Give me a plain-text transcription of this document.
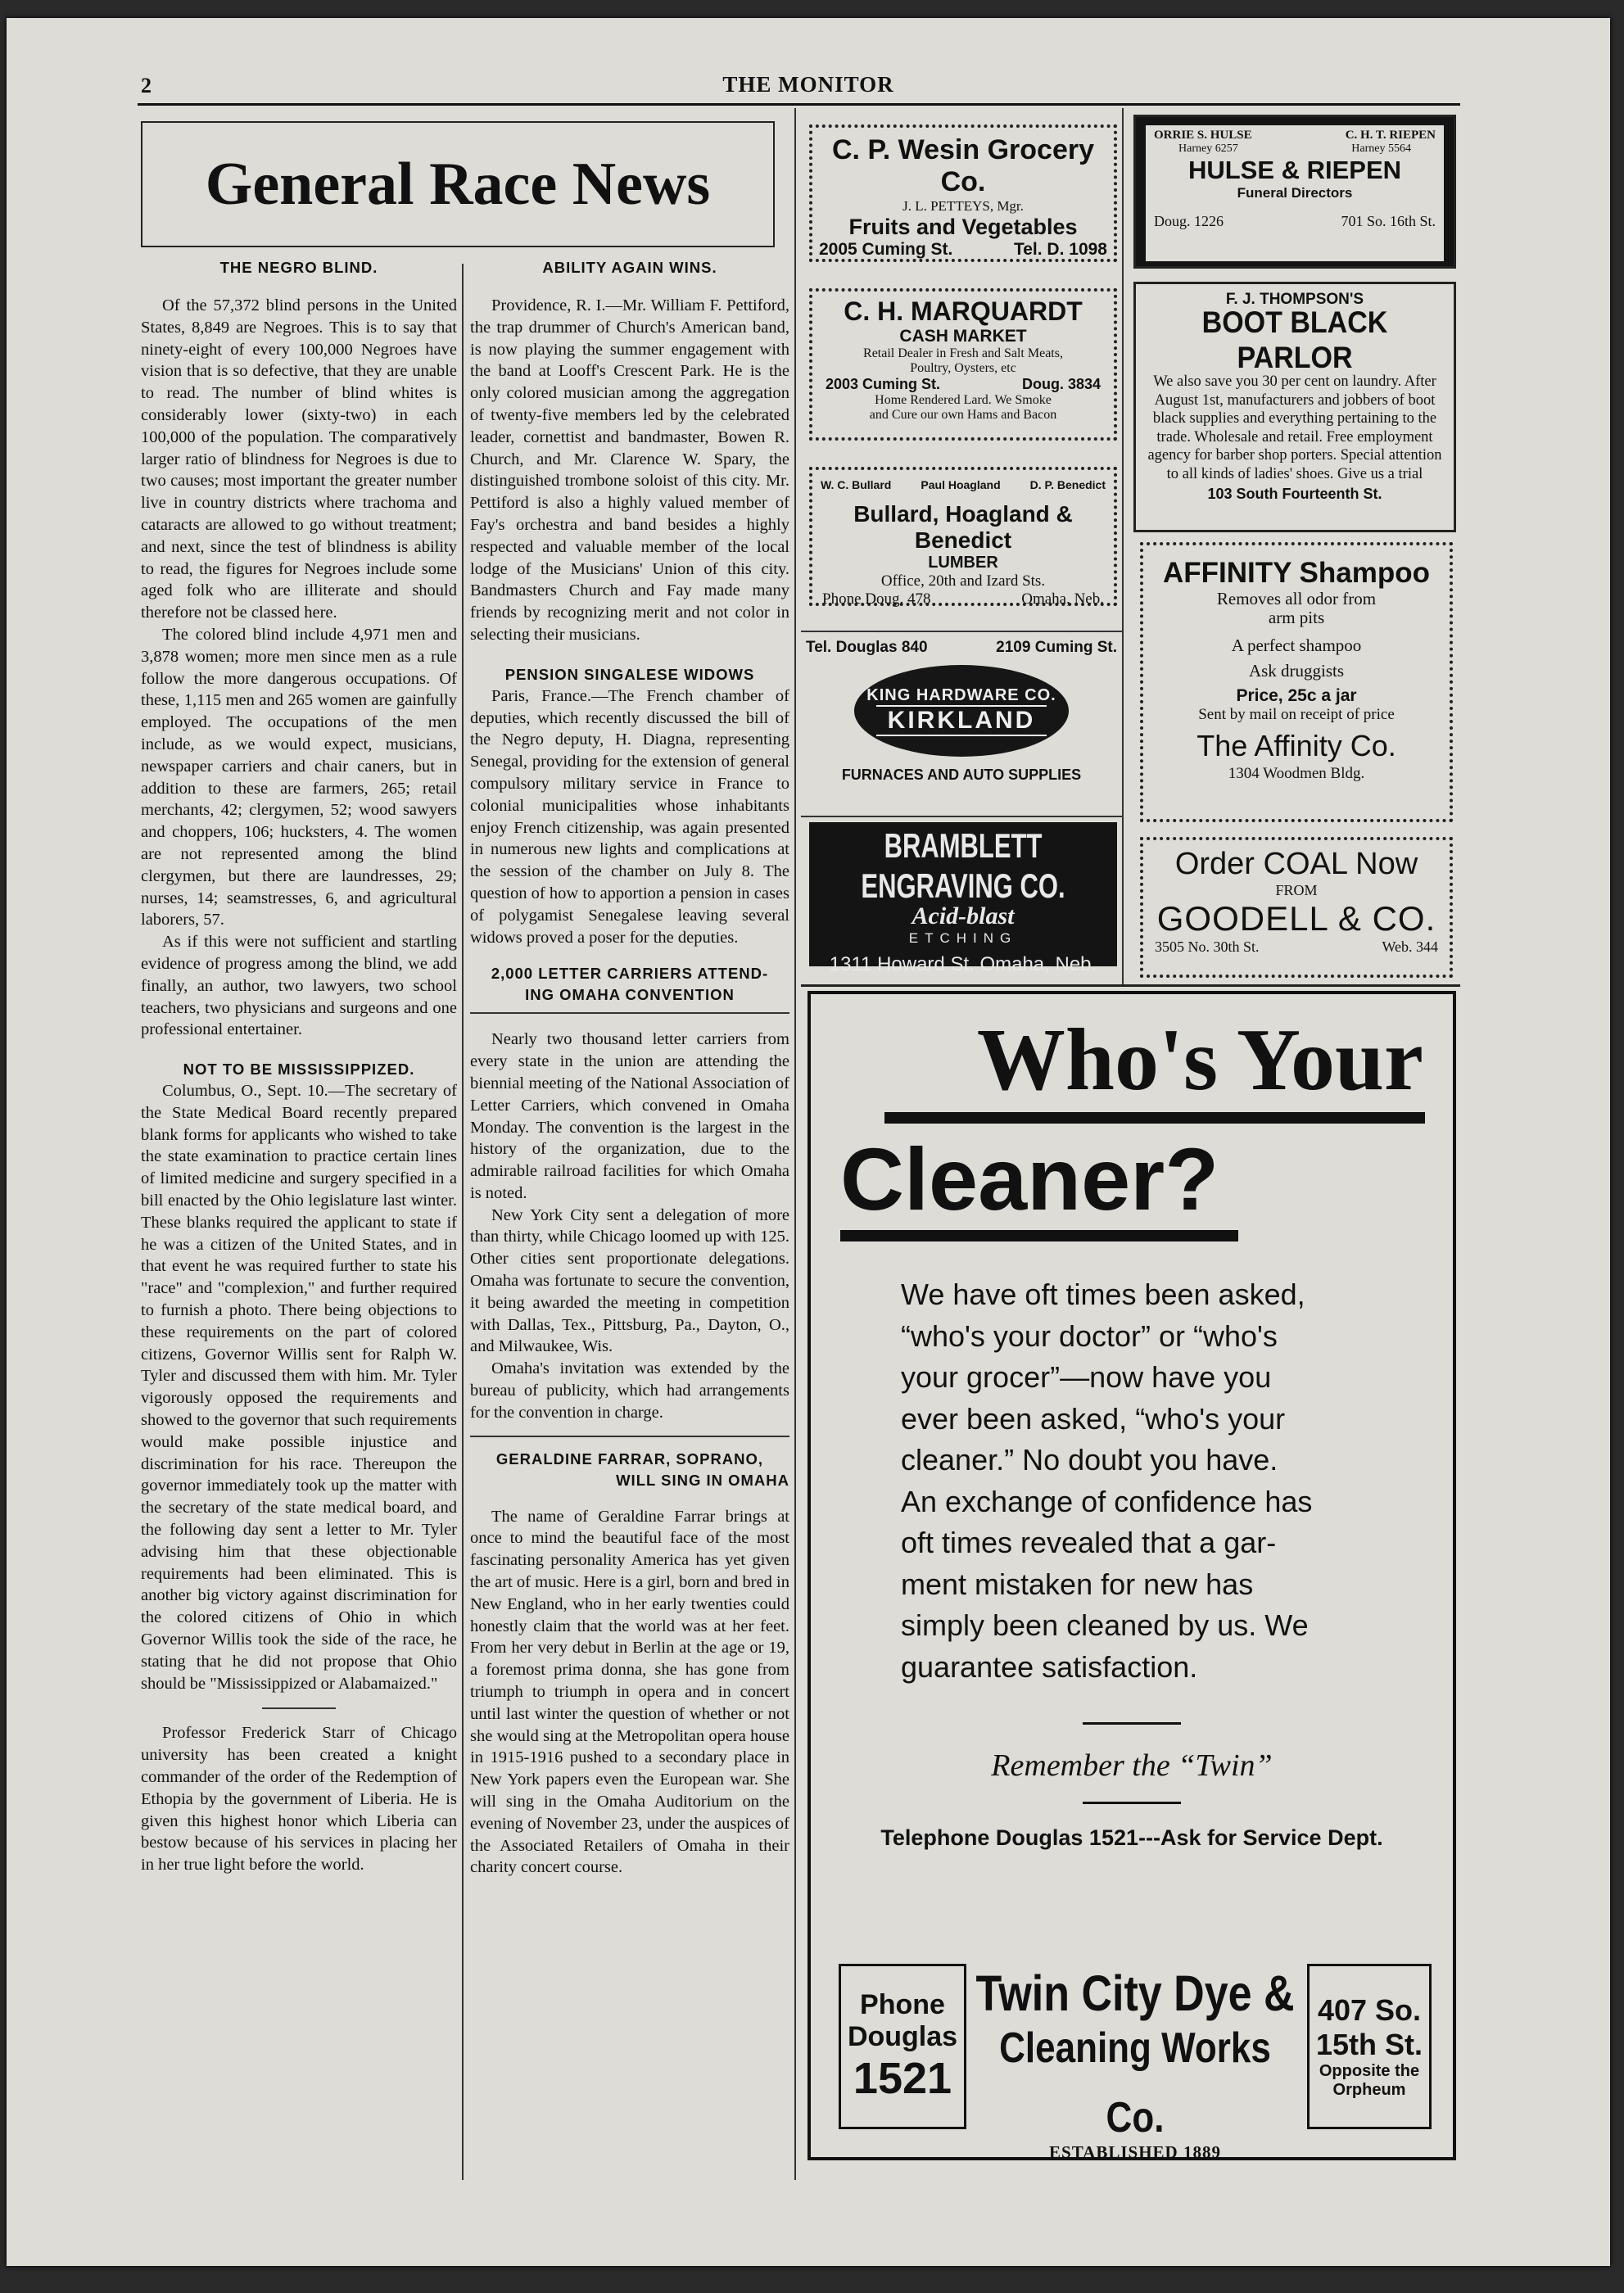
2	THE MONITOR
General Race News
THE NEGRO BLIND.

Of the 57,372 blind persons in the United States, 8,849 are Negroes. This is to say that ninety-eight of every 100,000 Negroes have vision that is so defective, that they are unable to read. The number of blind whites is considerably lower (sixty-two) in each 100,000 of the population. The comparatively larger ratio of blindness for Negroes is due to two causes; most important the greater number live in country districts where trachoma and cataracts are allowed to go without treatment; and next, since the test of blindness is ability to read, the figures for Negroes include some aged folk who are illiterate and should therefore not be classed here.

The colored blind include 4,971 men and 3,878 women; more men since men as a rule follow the more dangerous occupations. Of these, 1,115 men and 265 women are gainfully employed. The occupations of the men include, as we would expect, musicians, newspaper carriers and chair caners, but in addition to these are farmers, 265; retail merchants, 42; clergymen, 52; wood sawyers and choppers, 106; hucksters, 4. The women are not represented among the blind clergymen, but there are laundresses, 29; nurses, 14; seamstresses, 6, and agricultural laborers, 57.

As if this were not sufficient and startling evidence of progress among the blind, we add finally, an author, two lawyers, two school teachers, two physicians and surgeons and one professional entertainer.

NOT TO BE MISSISSIPPIZED.

Columbus, O., Sept. 10.—The secretary of the State Medical Board recently prepared blank forms for applicants who wished to take the state examination to practice certain lines of limited medicine and surgery specified in a bill enacted by the Ohio legislature last winter. These blanks required the applicant to state if he was a citizen of the United States, and in that event he was required further to state his "race" and "complexion," and further required to furnish a photo. There being objections to these requirements on the part of colored citizens, Governor Willis sent for Ralph W. Tyler and discussed them with him. Mr. Tyler vigorously opposed the requirements and showed to the governor that such requirements would make possible injustice and discrimination for his race. Thereupon the governor immediately took up the matter with the secretary of the state medical board, and the following day sent a letter to Mr. Tyler advising him that these objectionable requirements had been eliminated. This is another big victory against discrimination for the colored citizens of Ohio in which Governor Willis took the side of the race, he stating that he did not propose that Ohio should be "Mississippized or Alabamaized."

Professor Frederick Starr of Chicago university has been created a knight commander of the order of the Redemption of Ethopia by the government of Liberia. He is given this highest honor which Liberia can bestow because of his services in placing her in her true light before the world.

ABILITY AGAIN WINS.

Providence, R. I.—Mr. William F. Pettiford, the trap drummer of Church's American band, is now playing the summer engagement with the band at Looff's Crescent Park. He is the only colored musician among the aggregation of twenty-five members led by the celebrated leader, cornettist and bandmaster, Bowen R. Church, and Mr. Clarence W. Spary, the distinguished trombone soloist of this city. Mr. Pettiford is also a highly valued member of Fay's orchestra and band besides a highly respected and valuable member of the local lodge of the Musicians' Union of this city. Bandmasters Church and Fay made many friends by recognizing merit and not color in selecting their musicians.

PENSION SINGALESE WIDOWS

Paris, France.—The French chamber of deputies, which recently discussed the bill of the Negro deputy, H. Diagna, representing Senegal, providing for the extension of general compulsory military service in France to colonial municipalities whose inhabitants enjoy French citizenship, was again presented in numerous new lights and complications at the session of the chamber on July 8. The question of how to apportion a pension in cases of polygamist Senegalese leaving several widows proved a poser for the deputies.

2,000 LETTER CARRIERS ATTEND-
ING OMAHA CONVENTION

Nearly two thousand letter carriers from every state in the union are attending the biennial meeting of the National Association of Letter Carriers, which convened in Omaha Monday. The convention is the largest in the history of the organization, due to the admirable railroad facilities for which Omaha is noted.

New York City sent a delegation of more than thirty, while Chicago loomed up with 125. Other cities sent proportionate delegations. Omaha was fortunate to secure the convention, it being awarded the meeting in competition with Dallas, Tex., Pittsburg, Pa., Dayton, O., and Milwaukee, Wis.

Omaha's invitation was extended by the bureau of publicity, which had arrangements for the convention in charge.

GERALDINE FARRAR, SOPRANO,
WILL SING IN OMAHA

The name of Geraldine Farrar brings at once to mind the beautiful face of the most fascinating personality America has yet given the art of music. Here is a girl, born and bred in New England, who in her early twenties could honestly claim that the world was at her feet. From her very debut in Berlin at the age or 19, a foremost prima donna, she has gone from triumph to triumph in opera and in concert until last winter the question of whether or not she would sing at the Metropolitan opera house in 1915-1916 pushed to a secondary place in New York papers even the European war. She will sing in the Omaha Auditorium on the evening of November 23, under the auspices of the Associated Retailers of Omaha in their charity concert course.

C. P. Wesin Grocery Co.
J. L. PETTEYS, Mgr.
Fruits and Vegetables
2005 Cuming St.	Tel. D. 1098
C. H. MARQUARDT
CASH MARKET
Retail Dealer in Fresh and Salt Meats,
Poultry, Oysters, etc
2003 Cuming St.	Doug. 3834
Home Rendered Lard. We Smoke
and Cure our own Hams and Bacon
W. C. Bullard	Paul Hoagland	D. P. Benedict
Bullard, Hoagland & Benedict
LUMBER
Office, 20th and Izard Sts.
Phone Doug. 478	Omaha, Neb.
Tel. Douglas 840	2109 Cuming St.
KING HARDWARE CO.
KIRKLAND
FURNACES AND AUTO SUPPLIES
BRAMBLETT ENGRAVING CO.
Acid-blast
ETCHING
1311 Howard St. Omaha, Neb.
ORRIE S. HULSE	C. H. T. RIEPEN
Harney 6257	Harney 5564
HULSE & RIEPEN
Funeral Directors
Doug. 1226	701 So. 16th St.
F. J. THOMPSON'S
BOOT BLACK PARLOR
We also save you 30 per cent on laundry. After August 1st, manufacturers and jobbers of boot black supplies and everything pertaining to the trade. Wholesale and retail. Free employment agency for barber shop porters. Special attention to all kinds of ladies' shoes. Give us a trial
103 South Fourteenth St.
AFFINITY Shampoo
Removes all odor from
arm pits
A perfect shampoo
Ask druggists
Price, 25c a jar
Sent by mail on receipt of price
The Affinity Co.
1304 Woodmen Bldg.
Order COAL Now
FROM
GOODELL & CO.
3505 No. 30th St.	Web. 344
Who's Your
Cleaner?

We have oft times been asked,

“who's your doctor” or “who's

your grocer”—now have you

ever been asked, “who's your

cleaner.” No doubt you have.

An exchange of confidence has

oft times revealed that a gar-

ment mistaken for new has

simply been cleaned by us. We

guarantee satisfaction.

Remember the “Twin”
Telephone Douglas 1521---Ask for Service Dept.
Phone
Douglas
1521
Twin City Dye &
Cleaning Works Co.
ESTABLISHED 1889
407 So.
15th St.
Opposite the
Orpheum
